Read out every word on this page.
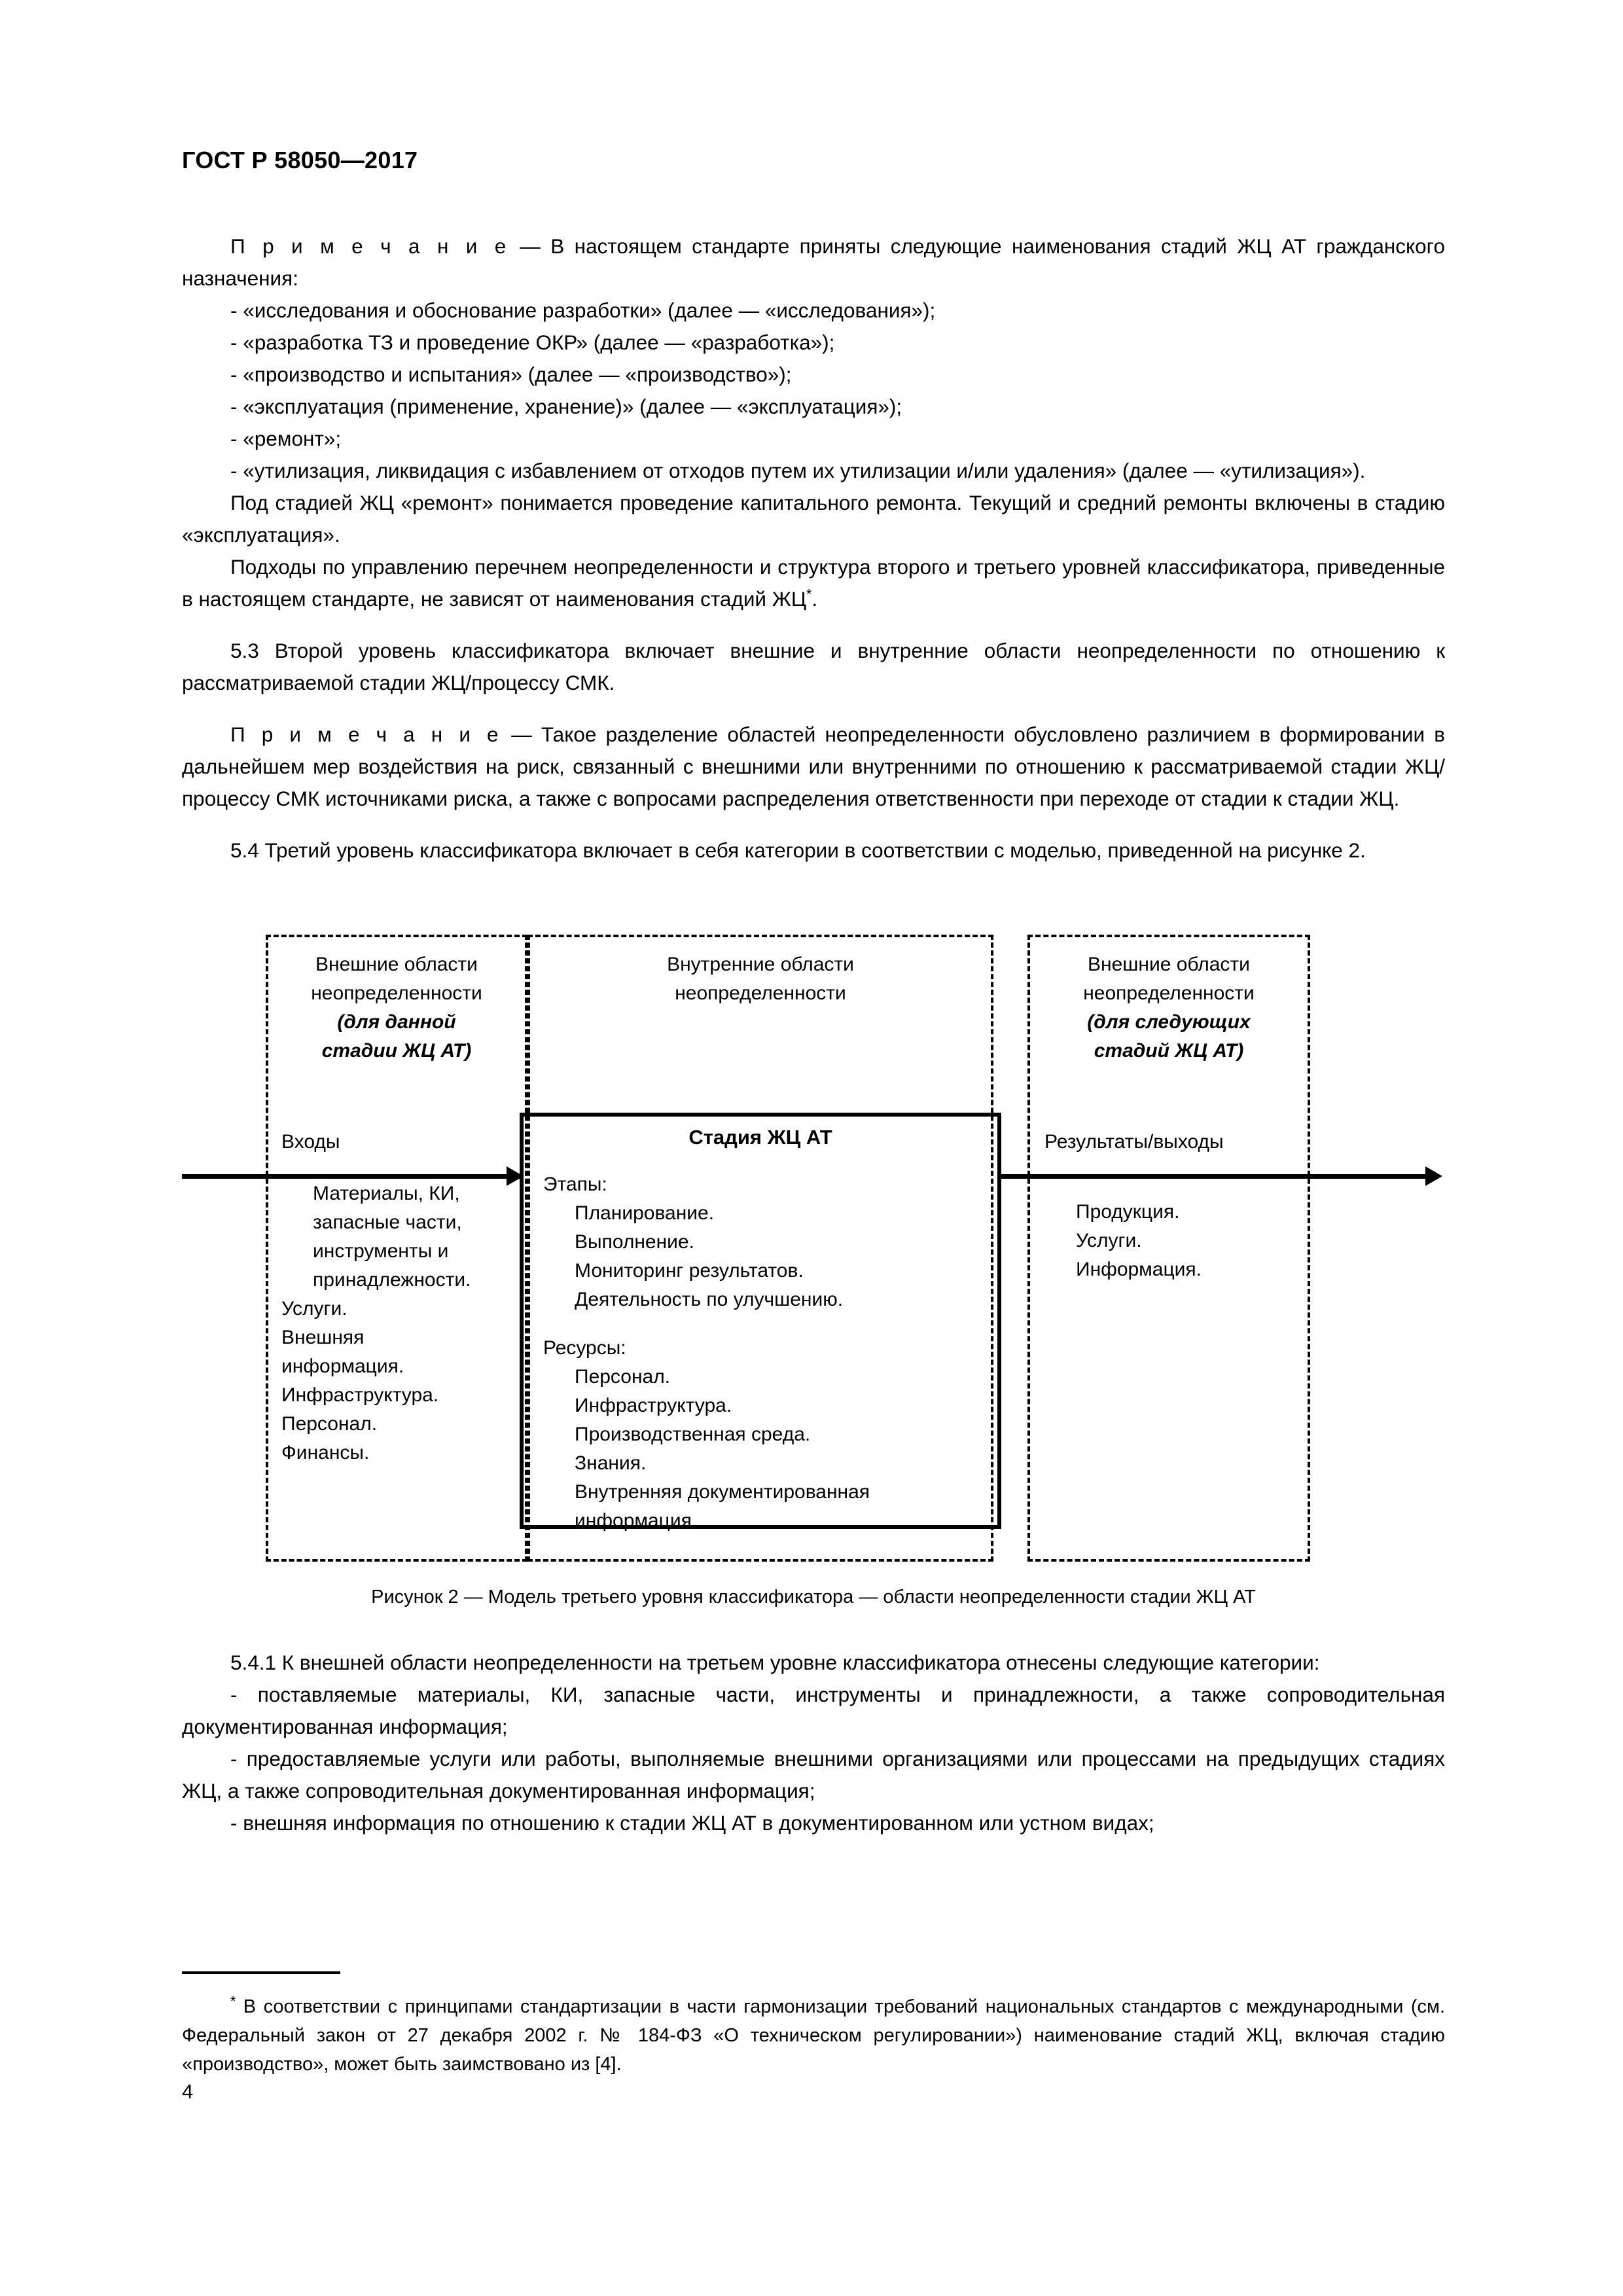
ГОСТ Р 58050—2017

П р и м е ч а н и е — В настоящем стандарте приняты следующие наименования стадий ЖЦ АТ гражданского назначения:

- «исследования и обоснование разработки» (далее — «исследования»);
- «разработка ТЗ и проведение ОКР» (далее — «разработка»);
- «производство и испытания» (далее — «производство»);
- «эксплуатация (применение, хранение)» (далее — «эксплуатация»);
- «ремонт»;
- «утилизация, ликвидация с избавлением от отходов путем их утилизации и/или удаления» (далее — «утилизация»).

Под стадией ЖЦ «ремонт» понимается проведение капитального ремонта. Текущий и средний ремонты включены в стадию «эксплуатация».

Подходы по управлению перечнем неопределенности и структура второго и третьего уровней классификатора, приведенные в настоящем стандарте, не зависят от наименования стадий ЖЦ*.

5.3 Второй уровень классификатора включает внешние и внутренние области неопределенности по отношению к рассматриваемой стадии ЖЦ/процессу СМК.

П р и м е ч а н и е — Такое разделение областей неопределенности обусловлено различием в формировании в дальнейшем мер воздействия на риск, связанный с внешними или внутренними по отношению к рассматриваемой стадии ЖЦ/процессу СМК источниками риска, а также с вопросами распределения ответственности при переходе от стадии к стадии ЖЦ.

5.4 Третий уровень классификатора включает в себя категории в соответствии с моделью, приведенной на рисунке 2.

Внешние области
неопределенности
(для данной
стадии ЖЦ АТ)
Входы
Материалы, КИ,
запасные части,
инструменты и
принадлежности.
Услуги.
Внешняя
информация.
Инфраструктура.
Персонал.
Финансы.
Внутренние области
неопределенности
Стадия ЖЦ АТ
Этапы:
Планирование.
Выполнение.
Мониторинг результатов.
Деятельность по улучшению.
Ресурсы:
Персонал.
Инфраструктура.
Производственная среда.
Знания.
Внутренняя документированная
информация.
Внешние области
неопределенности
(для следующих
стадий ЖЦ АТ)
Результаты/выходы
Продукция.
Услуги.
Информация.
Рисунок 2 — Модель третьего уровня классификатора — области неопределенности стадии ЖЦ АТ

5.4.1 К внешней области неопределенности на третьем уровне классификатора отнесены следующие категории:

- поставляемые материалы, КИ, запасные части, инструменты и принадлежности, а также сопроводительная документированная информация;
- предоставляемые услуги или работы, выполняемые внешними организациями или процессами на предыдущих стадиях ЖЦ, а также сопроводительная документированная информация;
- внешняя информация по отношению к стадии ЖЦ АТ в документированном или устном видах;

* В соответствии с принципами стандартизации в части гармонизации требований национальных стандартов с международными (см. Федеральный закон от 27 декабря 2002 г. № 184-ФЗ «О техническом регулировании») наименование стадий ЖЦ, включая стадию «производство», может быть заимствовано из [4].

4
